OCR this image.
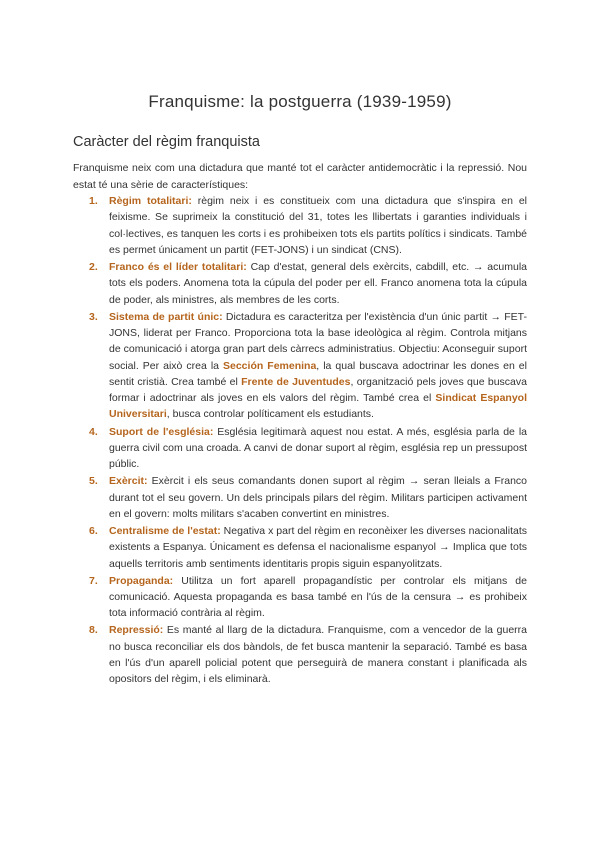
Franquisme: la postguerra (1939-1959)
Caràcter del règim franquista

Franquisme neix com una dictadura que manté tot el caràcter antidemocràtic i la repressió. Nou estat té una sèrie de característiques:

1. Règim totalitari: règim neix i es constitueix com una dictadura que s'inspira en el feixisme. Se suprimeix la constitució del 31, totes les llibertats i garanties individuals i col·lectives, es tanquen les corts i es prohibeixen tots els partits polítics i sindicats. També es permet únicament un partit (FET-JONS) i un sindicat (CNS).
2. Franco és el líder totalitari: Cap d'estat, general dels exèrcits, cabdill, etc. → acumula tots els poders. Anomena tota la cúpula del poder per ell. Franco anomena tota la cúpula de poder, als ministres, als membres de les corts.
3. Sistema de partit únic: Dictadura es caracteritza per l'existència d'un únic partit → FET-JONS, liderat per Franco. Proporciona tota la base ideològica al règim. Controla mitjans de comunicació i atorga gran part dels càrrecs administratius. Objectiu: Aconseguir suport social. Per això crea la Sección Femenina, la qual buscava adoctrinar les dones en el sentit cristià. Crea també el Frente de Juventudes, organització pels joves que buscava formar i adoctrinar als joves en els valors del règim. També crea el Sindicat Espanyol Universitari, busca controlar políticament els estudiants.
4. Suport de l'església: Església legitimarà aquest nou estat. A més, església parla de la guerra civil com una croada. A canvi de donar suport al règim, església rep un pressupost públic.
5. Exèrcit: Exèrcit i els seus comandants donen suport al règim → seran lleials a Franco durant tot el seu govern. Un dels principals pilars del règim. Militars participen activament en el govern: molts militars s'acaben convertint en ministres.
6. Centralisme de l'estat: Negativa x part del règim en reconèixer les diverses nacionalitats existents a Espanya. Únicament es defensa el nacionalisme espanyol → Implica que tots aquells territoris amb sentiments identitaris propis siguin espanyolitzats.
7. Propaganda: Utilitza un fort aparell propagandístic per controlar els mitjans de comunicació. Aquesta propaganda es basa també en l'ús de la censura → es prohibeix tota informació contrària al règim.
8. Repressió: Es manté al llarg de la dictadura. Franquisme, com a vencedor de la guerra no busca reconciliar els dos bàndols, de fet busca mantenir la separació. També es basa en l'ús d'un aparell policial potent que perseguirà de manera constant i planificada als opositors del règim, i els eliminarà.
